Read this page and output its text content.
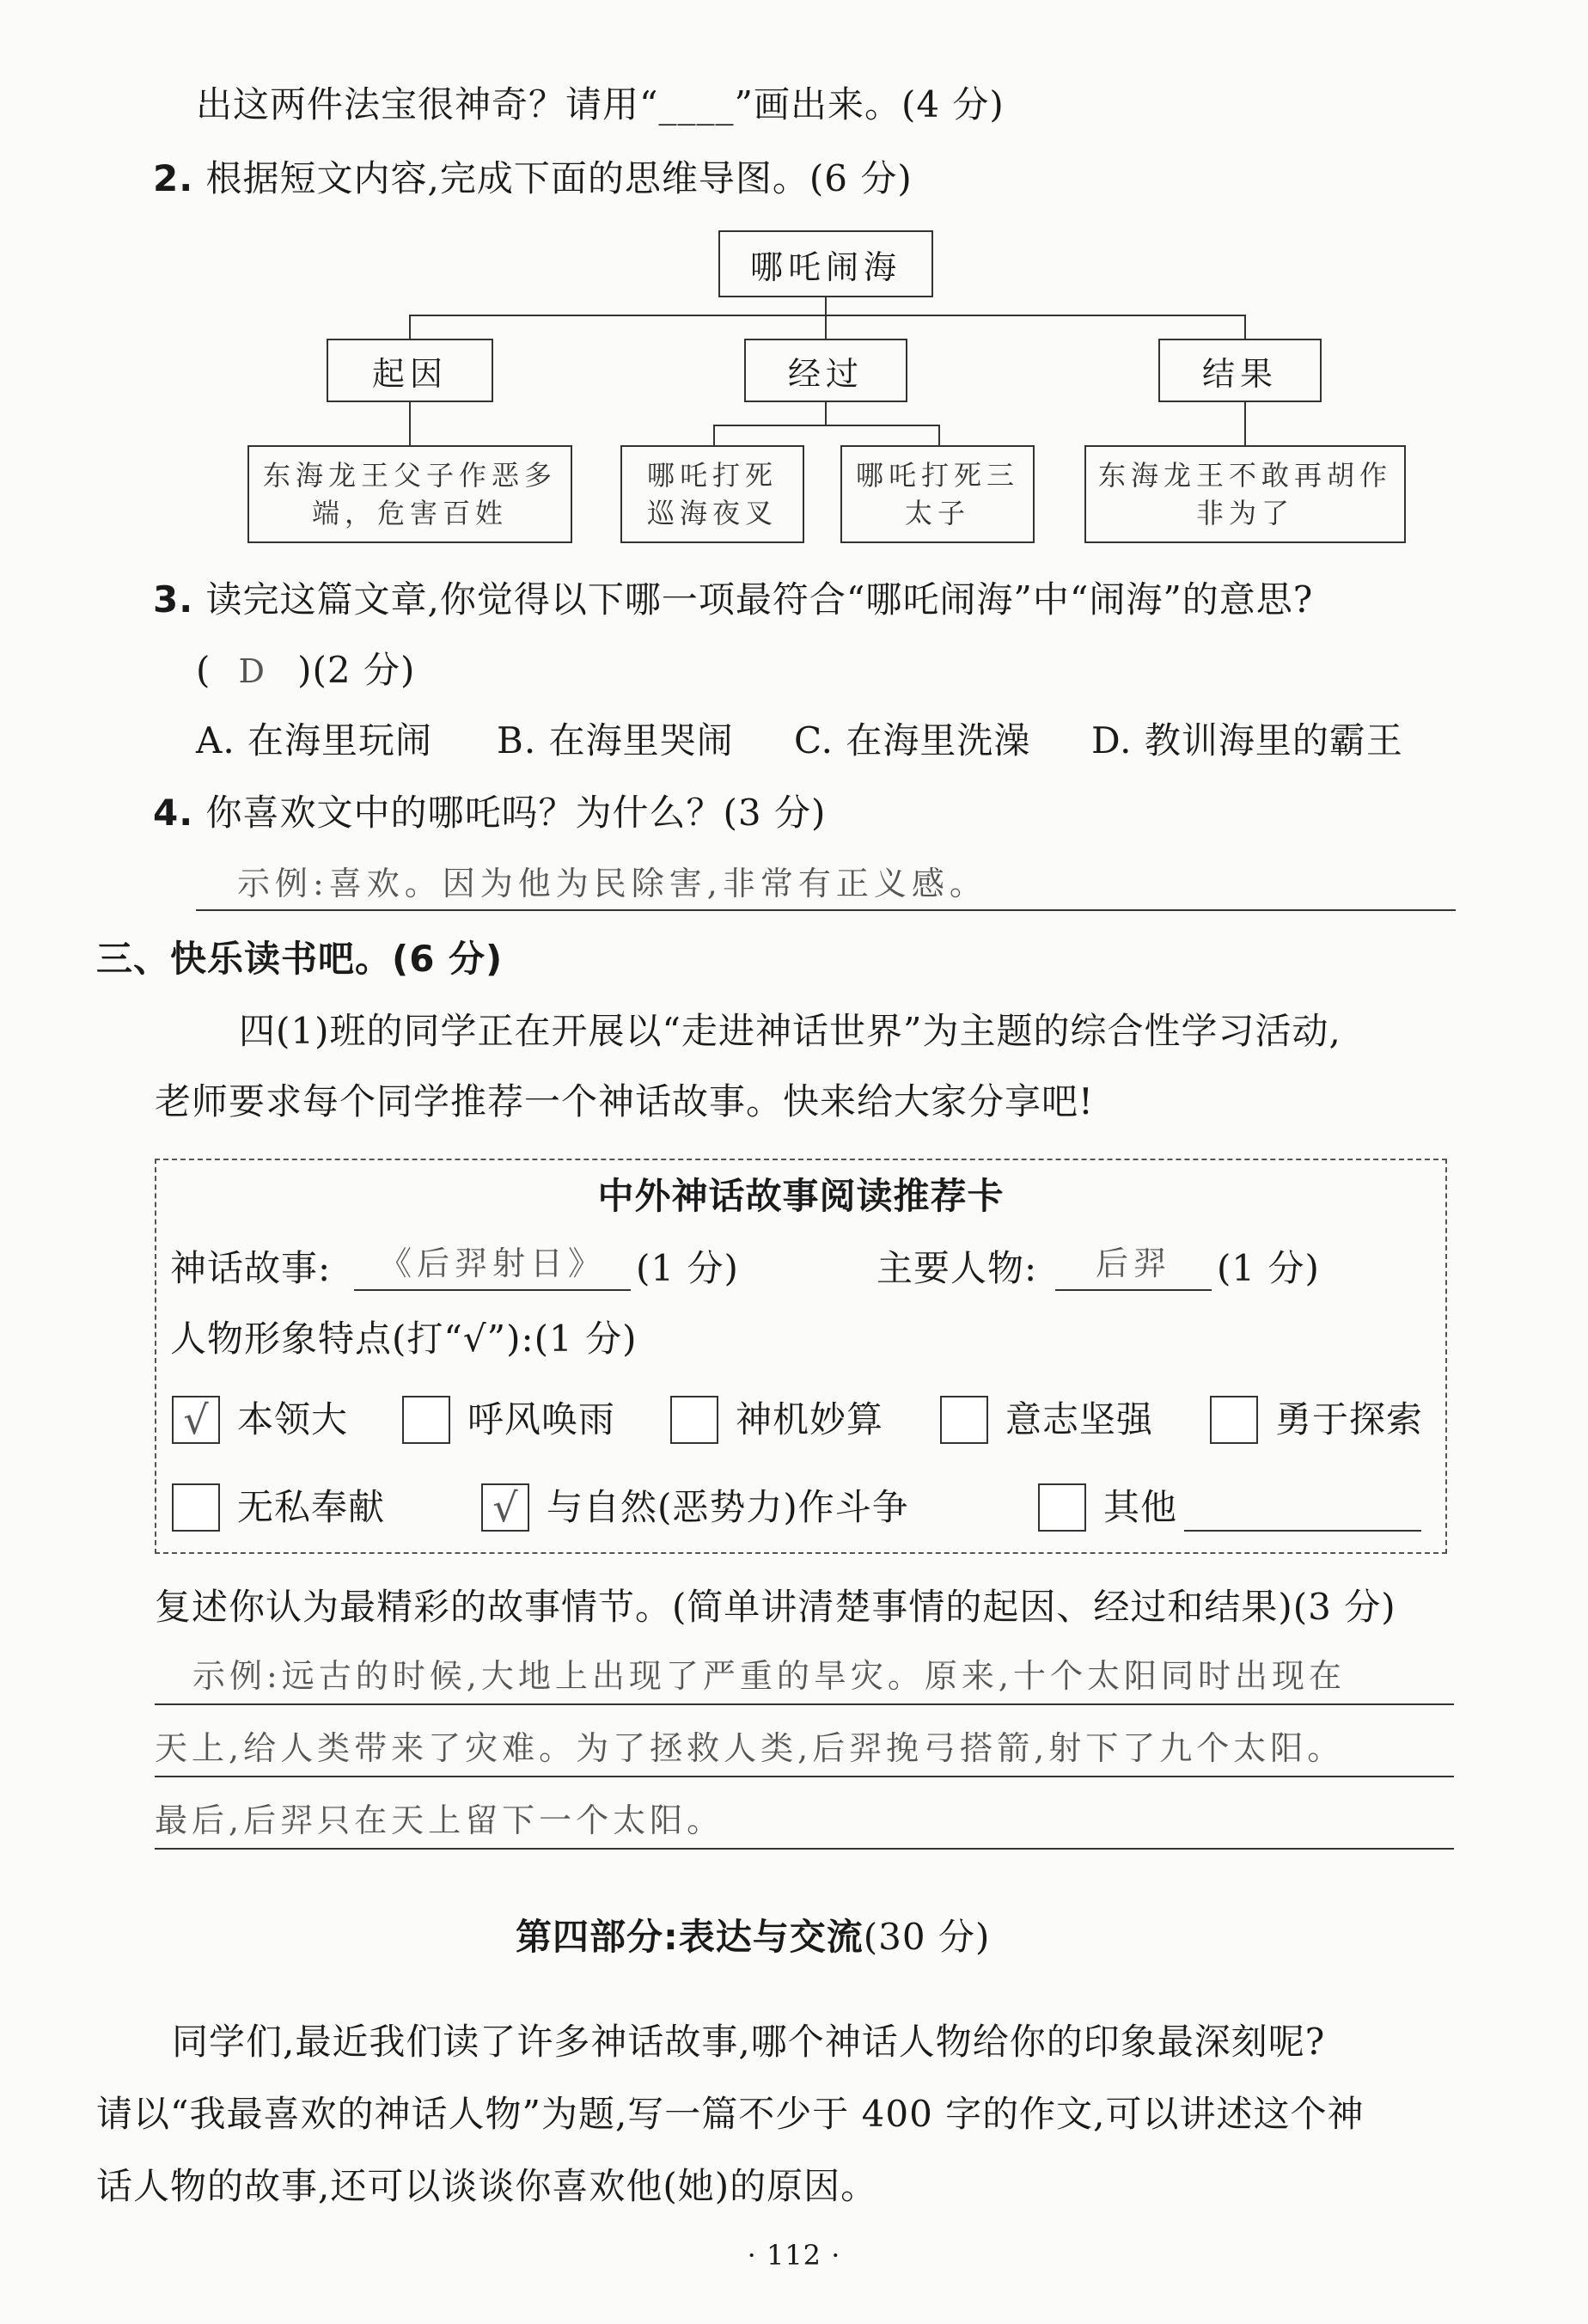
出这两件法宝很神奇？请用“____”画出来。(4 分)
2. 根据短文内容,完成下面的思维导图。(6 分)
哪吒闹海
起因	经过	结果
东海龙王父子作恶多端，危害百姓
哪吒打死巡海夜叉
哪吒打死三太子
东海龙王不敢再胡作非为了
3. 读完这篇文章,你觉得以下哪一项最符合“哪吒闹海”中“闹海”的意思?
( D )(2 分)
A. 在海里玩闹 B. 在海里哭闹 C. 在海里洗澡 D. 教训海里的霸王
4. 你喜欢文中的哪吒吗？为什么？(3 分)
示例:喜欢。因为他为民除害,非常有正义感。
三、快乐读书吧。(6 分)
四(1)班的同学正在开展以“走进神话世界”为主题的综合性学习活动,
老师要求每个同学推荐一个神话故事。快来给大家分享吧!
中外神话故事阅读推荐卡
神话故事:	《后羿射日》 (1 分)	主要人物:	后羿	(1 分)
人物形象特点(打“√”):(1 分)
√ 本领大	呼风唤雨	神机妙算	意志坚强	勇于探索
无私奉献	√ 与自然(恶势力)作斗争	其他
复述你认为最精彩的故事情节。(简单讲清楚事情的起因、经过和结果)(3 分)
示例:远古的时候,大地上出现了严重的旱灾。原来,十个太阳同时出现在
天上,给人类带来了灾难。为了拯救人类,后羿挽弓搭箭,射下了九个太阳。
最后,后羿只在天上留下一个太阳。
第四部分:表达与交流(30 分)
同学们,最近我们读了许多神话故事,哪个神话人物给你的印象最深刻呢?
请以“我最喜欢的神话人物”为题,写一篇不少于 400 字的作文,可以讲述这个神
话人物的故事,还可以谈谈你喜欢他(她)的原因。
· 112 ·
